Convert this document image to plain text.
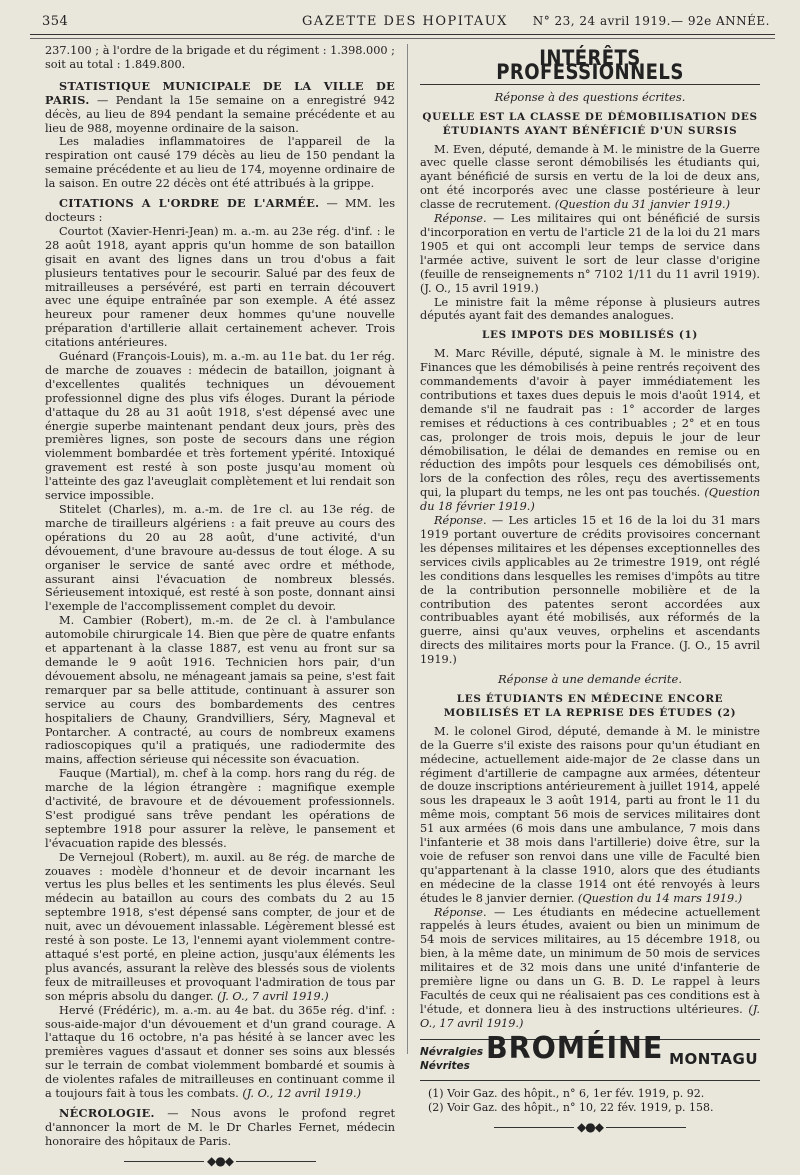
354	GAZETTE DES HOPITAUX	N° 23, 24 avril 1919.— 92e ANNÉE.

237.100 ; à l'ordre de la brigade et du régiment : 1.398.000 ; soit au total : 1.849.800.

STATISTIQUE MUNICIPALE DE LA VILLE DE PARIS. — Pendant la 15e semaine on a enregistré 942 décès, au lieu de 894 pendant la semaine précédente et au lieu de 988, moyenne ordinaire de la saison.

Les maladies inflammatoires de l'appareil de la respiration ont causé 179 décès au lieu de 150 pendant la semaine précédente et au lieu de 174, moyenne ordinaire de la saison. En outre 22 décès ont été attribués à la grippe.

CITATIONS A L'ORDRE DE L'ARMÉE. — MM. les docteurs :

Courtot (Xavier-Henri-Jean) m. a.-m. au 23e rég. d'inf. : le 28 août 1918, ayant appris qu'un homme de son bataillon gisait en avant des lignes dans un trou d'obus a fait plusieurs tentatives pour le secourir. Salué par des feux de mitrailleuses a persévéré, est parti en terrain découvert avec une équipe entraînée par son exemple. A été assez heureux pour ramener deux hommes qu'une nouvelle préparation d'artillerie allait certainement achever. Trois citations antérieures.

Guénard (François-Louis), m. a.-m. au 11e bat. du 1er rég. de marche de zouaves : médecin de bataillon, joignant à d'excellentes qualités techniques un dévouement professionnel digne des plus vifs éloges. Durant la période d'attaque du 28 au 31 août 1918, s'est dépensé avec une énergie superbe maintenant pendant deux jours, près des premières lignes, son poste de secours dans une région violemment bombardée et très fortement ypérité. Intoxiqué gravement est resté à son poste jusqu'au moment où l'atteinte des gaz l'aveuglait complètement et lui rendait son service impossible.

Stitelet (Charles), m. a.-m. de 1re cl. au 13e rég. de marche de tirailleurs algériens : a fait preuve au cours des opérations du 20 au 28 août, d'une activité, d'un dévouement, d'une bravoure au-dessus de tout éloge. A su organiser le service de santé avec ordre et méthode, assurant ainsi l'évacuation de nombreux blessés. Sérieusement intoxiqué, est resté à son poste, donnant ainsi l'exemple de l'accomplissement complet du devoir.

M. Cambier (Robert), m.-m. de 2e cl. à l'ambulance automobile chirurgicale 14. Bien que père de quatre enfants et appartenant à la classe 1887, est venu au front sur sa demande le 9 août 1916. Technicien hors pair, d'un dévouement absolu, ne ménageant jamais sa peine, s'est fait remarquer par sa belle attitude, continuant à assurer son service au cours des bombardements des centres hospitaliers de Chauny, Grandvilliers, Séry, Magneval et Pontarcher. A contracté, au cours de nombreux examens radioscopiques qu'il a pratiqués, une radiodermite des mains, affection sérieuse qui nécessite son évacuation.

Fauque (Martial), m. chef à la comp. hors rang du rég. de marche de la légion étrangère : magnifique exemple d'activité, de bravoure et de dévouement professionnels. S'est prodigué sans trêve pendant les opérations de septembre 1918 pour assurer la relève, le pansement et l'évacuation rapide des blessés.

De Vernejoul (Robert), m. auxil. au 8e rég. de marche de zouaves : modèle d'honneur et de devoir incarnant les vertus les plus belles et les sentiments les plus élevés. Seul médecin au bataillon au cours des combats du 2 au 15 septembre 1918, s'est dépensé sans compter, de jour et de nuit, avec un dévouement inlassable. Légèrement blessé est resté à son poste. Le 13, l'ennemi ayant violemment contre-attaqué s'est porté, en pleine action, jusqu'aux éléments les plus avancés, assurant la relève des blessés sous de violents feux de mitrailleuses et provoquant l'admiration de tous par son mépris absolu du danger. (J. O., 7 avril 1919.)

Hervé (Frédéric), m. a.-m. au 4e bat. du 365e rég. d'inf. : sous-aide-major d'un dévouement et d'un grand courage. A l'attaque du 16 octobre, n'a pas hésité à se lancer avec les premières vagues d'assaut et donner ses soins aux blessés sur le terrain de combat violemment bombardé et soumis à de violentes rafales de mitrailleuses en continuant comme il a toujours fait à tous les combats. (J. O., 12 avril 1919.)

NÉCROLOGIE. — Nous avons le profond regret d'annoncer la mort de M. le Dr Charles Fernet, médecin honoraire des hôpitaux de Paris.

◆●◆
INTÉRÊTS PROFESSIONNELS
Réponse à des questions écrites.
QUELLE EST LA CLASSE DE DÉMOBILISATION DES ÉTUDIANTS AYANT BÉNÉFICIÉ D'UN SURSIS

M. Even, député, demande à M. le ministre de la Guerre avec quelle classe seront démobilisés les étudiants qui, ayant bénéficié de sursis en vertu de la loi de deux ans, ont été incorporés avec une classe postérieure à leur classe de recrutement. (Question du 31 janvier 1919.)

Réponse. — Les militaires qui ont bénéficié de sursis d'incorporation en vertu de l'article 21 de la loi du 21 mars 1905 et qui ont accompli leur temps de service dans l'armée active, suivent le sort de leur classe d'origine (feuille de renseignements n° 7102 1/11 du 11 avril 1919). (J. O., 15 avril 1919.)

Le ministre fait la même réponse à plusieurs autres députés ayant fait des demandes analogues.

LES IMPOTS DES MOBILISÉS (1)

M. Marc Réville, député, signale à M. le ministre des Finances que les démobilisés à peine rentrés reçoivent des commandements d'avoir à payer immédiatement les contributions et taxes dues depuis le mois d'août 1914, et demande s'il ne faudrait pas : 1° accorder de larges remises et réductions à ces contribuables ; 2° et en tous cas, prolonger de trois mois, depuis le jour de leur démobilisation, le délai de demandes en remise ou en réduction des impôts pour lesquels ces démobilisés ont, lors de la confection des rôles, reçu des avertissements qui, la plupart du temps, ne les ont pas touchés. (Question du 18 février 1919.)

Réponse. — Les articles 15 et 16 de la loi du 31 mars 1919 portant ouverture de crédits provisoires concernant les dépenses militaires et les dépenses exceptionnelles des services civils applicables au 2e trimestre 1919, ont réglé les conditions dans lesquelles les remises d'impôts au titre de la contribution personnelle mobilière et de la contribution des patentes seront accordées aux contribuables ayant été mobilisés, aux réformés de la guerre, ainsi qu'aux veuves, orphelins et ascendants directs des militaires morts pour la France. (J. O., 15 avril 1919.)

Réponse à une demande écrite.
LES ÉTUDIANTS EN MÉDECINE ENCORE MOBILISÉS ET LA REPRISE DES ÉTUDES (2)

M. le colonel Girod, député, demande à M. le ministre de la Guerre s'il existe des raisons pour qu'un étudiant en médecine, actuellement aide-major de 2e classe dans un régiment d'artillerie de campagne aux armées, détenteur de douze inscriptions antérieurement à juillet 1914, appelé sous les drapeaux le 3 août 1914, parti au front le 11 du même mois, comptant 56 mois de services militaires dont 51 aux armées (6 mois dans une ambulance, 7 mois dans l'infanterie et 38 mois dans l'artillerie) doive être, sur la voie de refuser son renvoi dans une ville de Faculté bien qu'appartenant à la classe 1910, alors que des étudiants en médecine de la classe 1914 ont été renvoyés à leurs études le 8 janvier dernier. (Question du 14 mars 1919.)

Réponse. — Les étudiants en médecine actuellement rappelés à leurs études, avaient ou bien un minimum de 54 mois de services militaires, au 15 décembre 1918, ou bien, à la même date, un minimum de 50 mois de services militaires et de 32 mois dans une unité d'infanterie de première ligne ou dans un G. B. D. Le rappel à leurs Facultés de ceux qui ne réalisaient pas ces conditions est à l'étude, et donnera lieu à des instructions ultérieures. (J. O., 17 avril 1919.)

Névralgies
Névrites BROMÉINE MONTAGU
(1) Voir Gaz. des hôpit., n° 6, 1er fév. 1919, p. 92.
(2) Voir Gaz. des hôpit., n° 10, 22 fév. 1919, p. 158.
◆●◆
